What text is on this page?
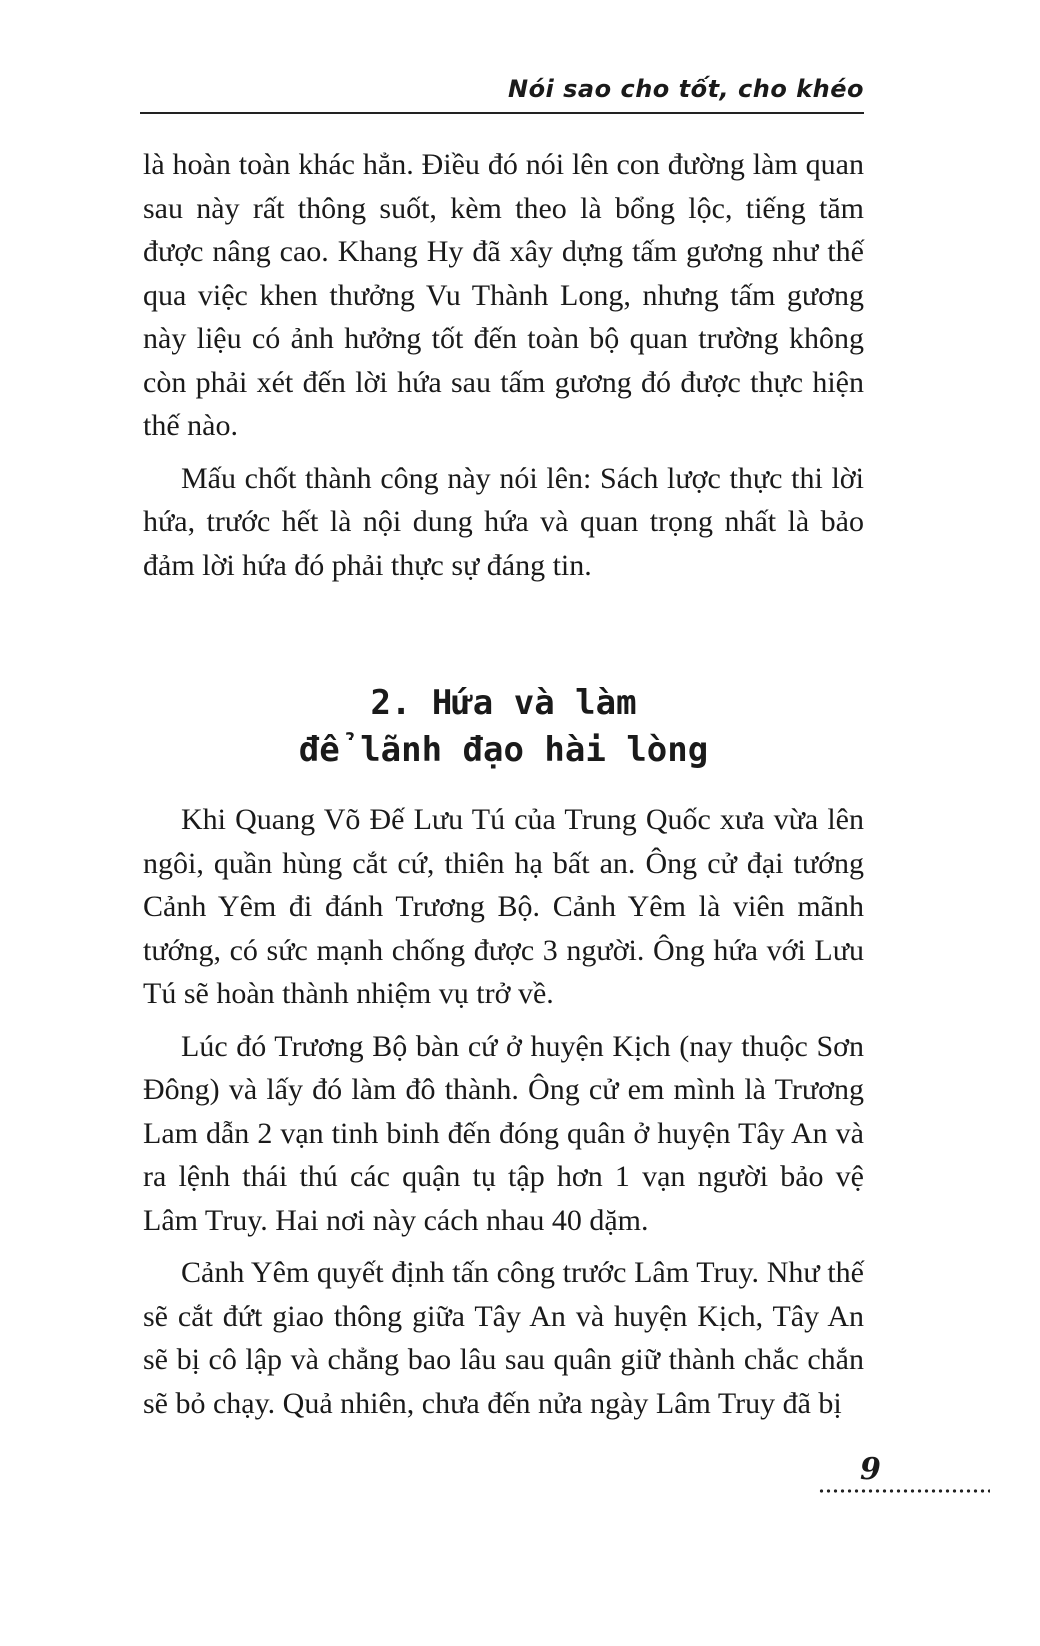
Nói sao cho tốt, cho khéo

là hoàn toàn khác hẳn. Điều đó nói lên con đường làm quan sau này rất thông suốt, kèm theo là bổng lộc, tiếng tăm được nâng cao. Khang Hy đã xây dựng tấm gương như thế qua việc khen thưởng Vu Thành Long, nhưng tấm gương này liệu có ảnh hưởng tốt đến toàn bộ quan trường không còn phải xét đến lời hứa sau tấm gương đó được thực hiện thế nào.

Mấu chốt thành công này nói lên: Sách lược thực thi lời hứa, trước hết là nội dung hứa và quan trọng nhất là bảo đảm lời hứa đó phải thực sự đáng tin.

2. Hứa và làm
để lãnh đạo hài lòng

Khi Quang Võ Đế Lưu Tú của Trung Quốc xưa vừa lên ngôi, quần hùng cắt cứ, thiên hạ bất an. Ông cử đại tướng Cảnh Yêm đi đánh Trương Bộ. Cảnh Yêm là viên mãnh tướng, có sức mạnh chống được 3 người. Ông hứa với Lưu Tú sẽ hoàn thành nhiệm vụ trở về.

Lúc đó Trương Bộ bàn cứ ở huyện Kịch (nay thuộc Sơn Đông) và lấy đó làm đô thành. Ông cử em mình là Trương Lam dẫn 2 vạn tinh binh đến đóng quân ở huyện Tây An và ra lệnh thái thú các quận tụ tập hơn 1 vạn người bảo vệ Lâm Truy. Hai nơi này cách nhau 40 dặm.

Cảnh Yêm quyết định tấn công trước Lâm Truy. Như thế sẽ cắt đứt giao thông giữa Tây An và huyện Kịch, Tây An sẽ bị cô lập và chẳng bao lâu sau quân giữ thành chắc chắn sẽ bỏ chạy. Quả nhiên, chưa đến nửa ngày Lâm Truy đã bị

9
